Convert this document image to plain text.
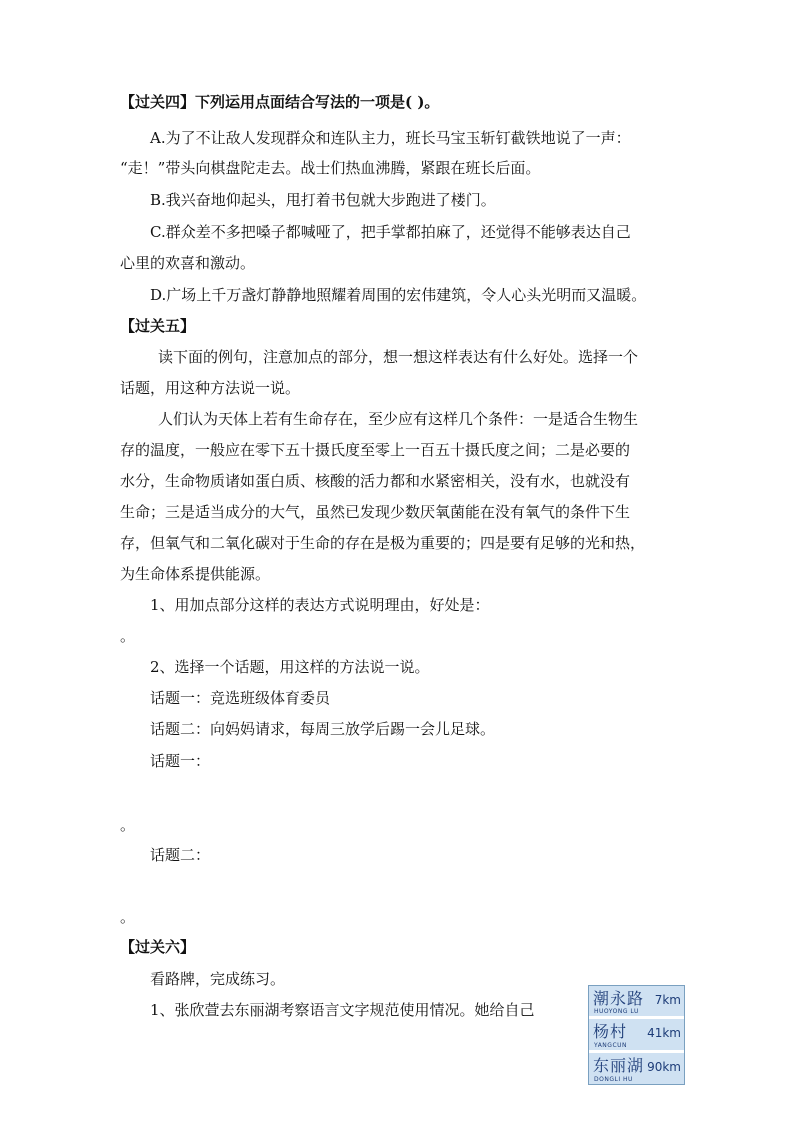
【过关四】下列运用点面结合写法的一项是( )。
A.为了不让敌人发现群众和连队主力，班长马宝玉斩钉截铁地说了一声：
“走！”带头向棋盘陀走去。战士们热血沸腾，紧跟在班长后面。
B.我兴奋地仰起头，甩打着书包就大步跑进了楼门。
C.群众差不多把嗓子都喊哑了，把手掌都拍麻了，还觉得不能够表达自己
心里的欢喜和激动。
D.广场上千万盏灯静静地照耀着周围的宏伟建筑，令人心头光明而又温暖。
【过关五】
读下面的例句，注意加点的部分，想一想这样表达有什么好处。选择一个
话题，用这种方法说一说。
人们认为天体上若有生命存在，至少应有这样几个条件：一是适合生物生
存的温度，一般应在零下五十摄氏度至零上一百五十摄氏度之间；二是必要的
水分，生命物质诸如蛋白质、核酸的活力都和水紧密相关，没有水，也就没有
生命；三是适当成分的大气，虽然已发现少数厌氧菌能在没有氧气的条件下生
存，但氧气和二氧化碳对于生命的存在是极为重要的；四是要有足够的光和热，
为生命体系提供能源。
1、用加点部分这样的表达方式说明理由，好处是：
。
2、选择一个话题，用这样的方法说一说。
话题一：竞选班级体育委员
话题二：向妈妈请求，每周三放学后踢一会儿足球。
话题一：
。
话题二：
。
【过关六】
看路牌，完成练习。
1、张欣萱去东丽湖考察语言文字规范使用情况。她给自己
潮永路
HUOYONG LU
7km
杨村
YANGCUN
41km
东丽湖
DONGLI HU
90km
